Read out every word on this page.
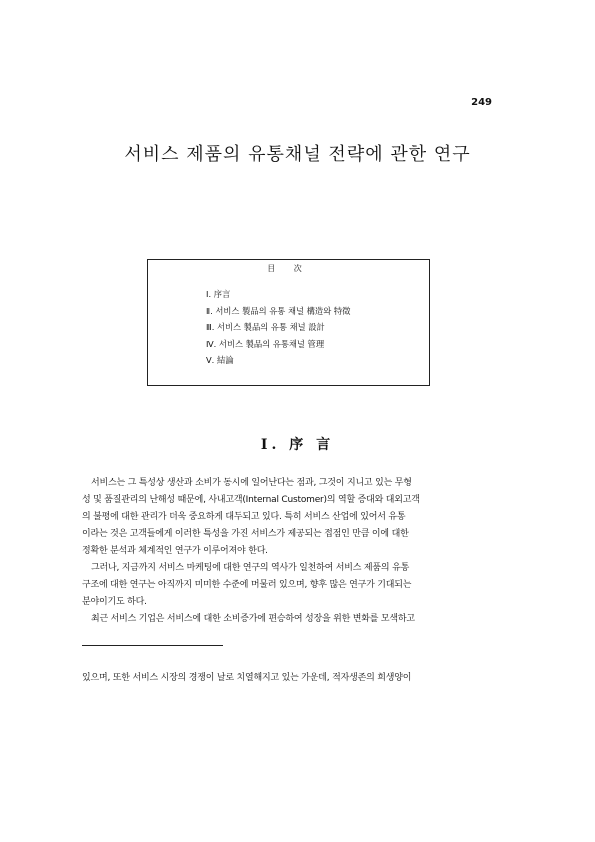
249
서비스 제품의 유통채널 전략에 관한 연구
目 次
Ⅰ. 序言
Ⅱ. 서비스 製品의 유통 채널 構造와 特徵
Ⅲ. 서비스 製品의 유통 채널 設計
Ⅳ. 서비스 製品의 유통채널 管理
Ⅴ. 結論
Ⅰ. 序 言
서비스는 그 특성상 생산과 소비가 동시에 일어난다는 점과, 그것이 지니고 있는 무형
성 및 품질관리의 난해성 때문에, 사내고객(Internal Customer)의 역할 증대와 대외고객
의 불평에 대한 관리가 더욱 중요하게 대두되고 있다. 특히 서비스 산업에 있어서 유통
이라는 것은 고객들에게 이러한 특성을 가진 서비스가 제공되는 접점인 만큼 이에 대한
정확한 분석과 체계적인 연구가 이루어져야 한다.
그러나, 지금까지 서비스 마케팅에 대한 연구의 역사가 일천하여 서비스 제품의 유통
구조에 대한 연구는 아직까지 미미한 수준에 머물러 있으며, 향후 많은 연구가 기대되는
분야이기도 하다.
최근 서비스 기업은 서비스에 대한 소비증가에 편승하여 성장을 위한 변화를 모색하고
있으며, 또한 서비스 시장의 경쟁이 날로 치열해지고 있는 가운데, 적자생존의 희생양이
